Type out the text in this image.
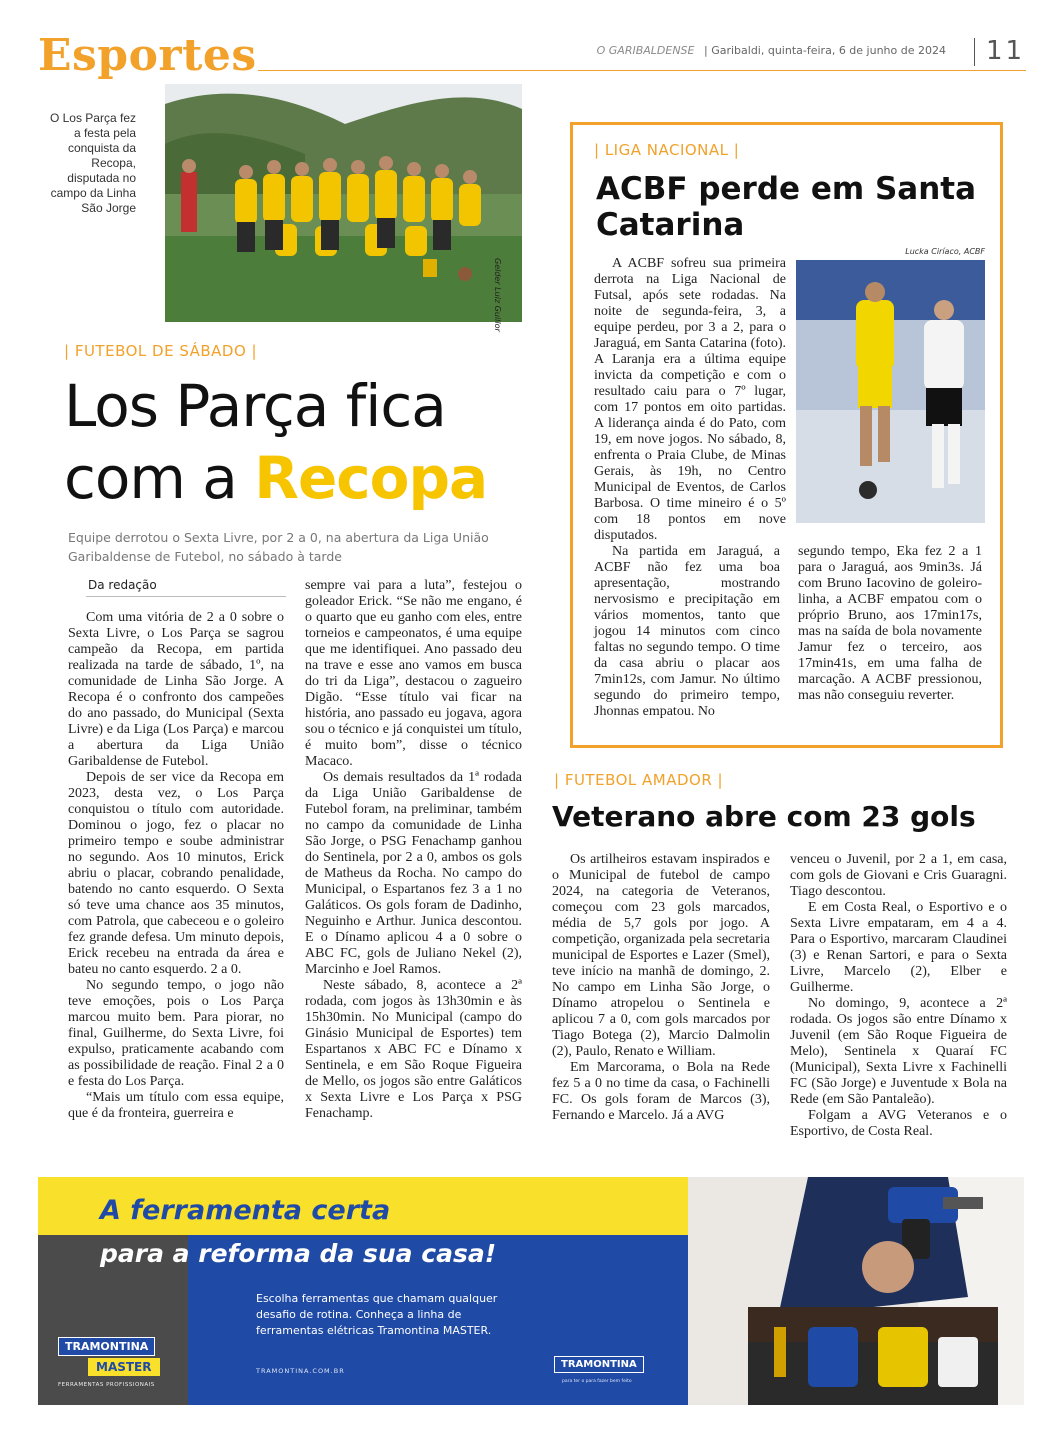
Esportes	O GARIBALDENSE | Garibaldi, quinta-feira, 6 de junho de 2024 11
O Los Parça fez a festa pela conquista da Recopa, disputada no campo da Linha São Jorge
Gelder Luiz Guillor
| FUTEBOL DE SÁBADO |
Los Parça fica
com a Recopa
Equipe derrotou o Sexta Livre, por 2 a 0, na abertura da Liga União Garibaldense de Futebol, no sábado à tarde
Da redação

Com uma vitória de 2 a 0 sobre o Sexta Livre, o Los Parça se sagrou campeão da Recopa, em partida realizada na tarde de sábado, 1º, na comunidade de Linha São Jorge. A Recopa é o confronto dos campeões do ano passado, do Municipal (Sexta Livre) e da Liga (Los Parça) e marcou a abertura da Liga União Garibaldense de Futebol.

Depois de ser vice da Recopa em 2023, desta vez, o Los Parça conquistou o título com autoridade. Dominou o jogo, fez o placar no primeiro tempo e soube administrar no segundo. Aos 10 minutos, Erick abriu o placar, cobrando penalidade, batendo no canto esquerdo. O Sexta só teve uma chance aos 35 minutos, com Patrola, que cabeceou e o goleiro fez grande defesa. Um minuto depois, Erick recebeu na entrada da área e bateu no canto esquerdo. 2 a 0.

No segundo tempo, o jogo não teve emoções, pois o Los Parça marcou muito bem. Para piorar, no final, Guilherme, do Sexta Livre, foi expulso, praticamente acabando com as possibilidade de reação. Final 2 a 0 e festa do Los Parça.

“Mais um título com essa equipe, que é da fronteira, guerreira e

sempre vai para a luta”, festejou o goleador Erick. “Se não me engano, é o quarto que eu ganho com eles, entre torneios e campeonatos, é uma equipe que me identifiquei. Ano passado deu na trave e esse ano vamos em busca do tri da Liga”, destacou o zagueiro Digão. “Esse título vai ficar na história, ano passado eu jogava, agora sou o técnico e já conquistei um título, é muito bom”, disse o técnico Macaco.

Os demais resultados da 1ª rodada da Liga União Garibaldense de Futebol foram, na preliminar, também no campo da comunidade de Linha São Jorge, o PSG Fenachamp ganhou do Sentinela, por 2 a 0, ambos os gols de Matheus da Rocha. No campo do Municipal, o Espartanos fez 3 a 1 no Galáticos. Os gols foram de Dadinho, Neguinho e Arthur. Junica descontou. E o Dínamo aplicou 4 a 0 sobre o ABC FC, gols de Juliano Nekel (2), Marcinho e Joel Ramos.

Neste sábado, 8, acontece a 2ª rodada, com jogos às 13h30min e às 15h30min. No Municipal (campo do Ginásio Municipal de Esportes) tem Espartanos x ABC FC e Dínamo x Sentinela, e em São Roque Figueira de Mello, os jogos são entre Galáticos x Sexta Livre e Los Parça x PSG Fenachamp.

| LIGA NACIONAL |
ACBF perde em Santa Catarina
Lucka Ciríaco, ACBF

A ACBF sofreu sua primeira derrota na Liga Nacional de Futsal, após sete rodadas. Na noite de segunda-feira, 3, a equipe perdeu, por 3 a 2, para o Jaraguá, em Santa Catarina (foto). A Laranja era a última equipe invicta da competição e com o resultado caiu para o 7º lugar, com 17 pontos em oito partidas. A liderança ainda é do Pato, com 19, em nove jogos. No sábado, 8, enfrenta o Praia Clube, de Minas Gerais, às 19h, no Centro Municipal de Eventos, de Carlos Barbosa. O time mineiro é o 5º com 18 pontos em nove disputados.

Na partida em Jaraguá, a ACBF não fez uma boa apresentação, mostrando nervosismo e precipitação em vários momentos, tanto que jogou 14 minutos com cinco faltas no segundo tempo. O time da casa abriu o placar aos 7min12s, com Jamur. No último segundo do primeiro tempo, Jhonnas empatou. No

segundo tempo, Eka fez 2 a 1 para o Jaraguá, aos 9min3s. Já com Bruno Iacovino de goleiro-linha, a ACBF empatou com o próprio Bruno, aos 17min17s, mas na saída de bola novamente Jamur fez o terceiro, aos 17min41s, em uma falha de marcação. A ACBF pressionou, mas não conseguiu reverter.

| FUTEBOL AMADOR |
Veterano abre com 23 gols

Os artilheiros estavam inspirados e o Municipal de futebol de campo 2024, na categoria de Veteranos, começou com 23 gols marcados, média de 5,7 gols por jogo. A competição, organizada pela secretaria municipal de Esportes e Lazer (Smel), teve início na manhã de domingo, 2. No campo em Linha São Jorge, o Dínamo atropelou o Sentinela e aplicou 7 a 0, com gols marcados por Tiago Botega (2), Marcio Dalmolin (2), Paulo, Renato e William.

Em Marcorama, o Bola na Rede fez 5 a 0 no time da casa, o Fachinelli FC. Os gols foram de Marcos (3), Fernando e Marcelo. Já a AVG

venceu o Juvenil, por 2 a 1, em casa, com gols de Giovani e Cris Guaragni. Tiago descontou.

E em Costa Real, o Esportivo e o Sexta Livre empataram, em 4 a 4. Para o Esportivo, marcaram Claudinei (3) e Renan Sartori, e para o Sexta Livre, Marcelo (2), Elber e Guilherme.

No domingo, 9, acontece a 2ª rodada. Os jogos são entre Dínamo x Juvenil (em São Roque Figueira de Melo), Sentinela x Quaraí FC (Municipal), Sexta Livre x Fachinelli FC (São Jorge) e Juventude x Bola na Rede (em São Pantaleão).

Folgam a AVG Veteranos e o Esportivo, de Costa Real.

A ferramenta certa
para a reforma da sua casa!
Escolha ferramentas que chamam qualquer desafio de rotina. Conheça a linha de ferramentas elétricas Tramontina MASTER.
TRAMONTINA.COM.BR
TRAMONTINA MASTER
FERRAMENTAS PROFISSIONAIS
TRAMONTINA
para ter o para fazer bem feito
